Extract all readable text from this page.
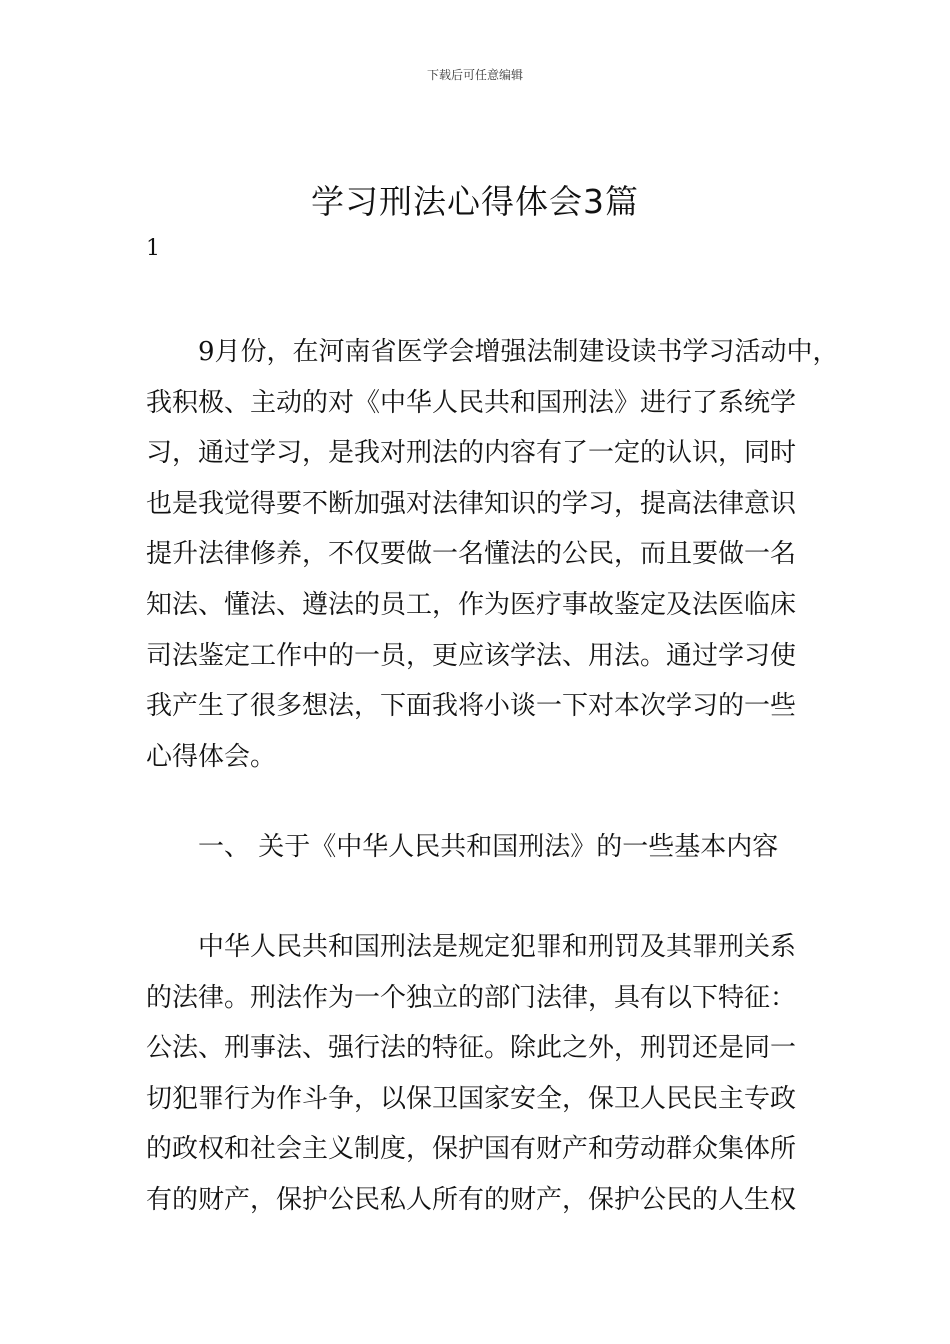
下载后可任意编辑
学习刑法心得体会3篇
1
9月份，在河南省医学会增强法制建设读书学习活动中，
我积极、主动的对《中华人民共和国刑法》进行了系统学
习，通过学习，是我对刑法的内容有了一定的认识，同时
也是我觉得要不断加强对法律知识的学习，提高法律意识
提升法律修养，不仅要做一名懂法的公民，而且要做一名
知法、懂法、遵法的员工，作为医疗事故鉴定及法医临床
司法鉴定工作中的一员，更应该学法、用法。通过学习使
我产生了很多想法，下面我将小谈一下对本次学习的一些
心得体会。
一、 关于《中华人民共和国刑法》的一些基本内容
中华人民共和国刑法是规定犯罪和刑罚及其罪刑关系
的法律。刑法作为一个独立的部门法律，具有以下特征：
公法、刑事法、强行法的特征。除此之外，刑罚还是同一
切犯罪行为作斗争，以保卫国家安全，保卫人民民主专政
的政权和社会主义制度，保护国有财产和劳动群众集体所
有的财产，保护公民私人所有的财产，保护公民的人生权
